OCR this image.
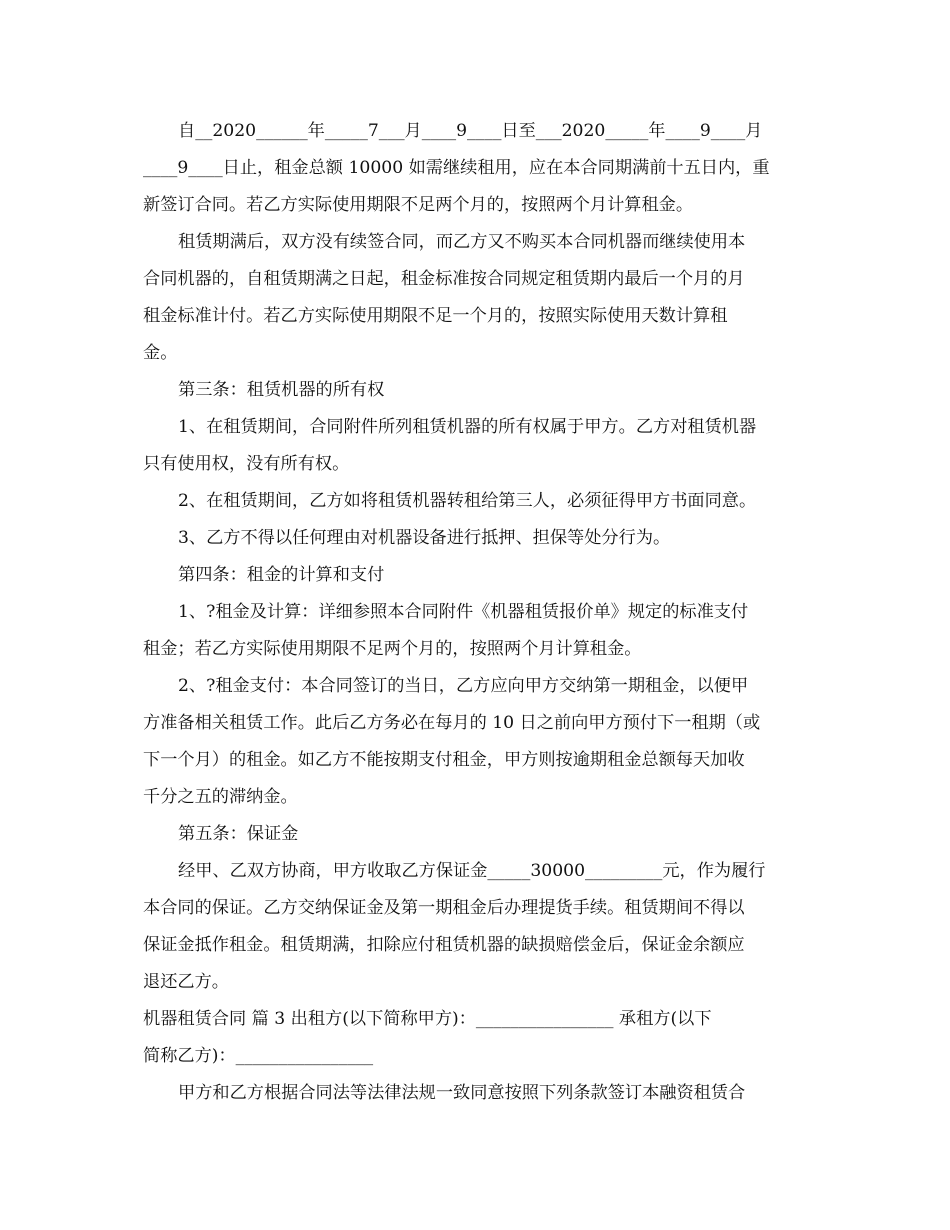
自__2020______年_____7___月____9____日至___2020_____年____9____月
____9____日止，租金总额 10000 如需继续租用，应在本合同期满前十五日内，重
新签订合同。若乙方实际使用期限不足两个月的，按照两个月计算租金。
租赁期满后，双方没有续签合同，而乙方又不购买本合同机器而继续使用本
合同机器的，自租赁期满之日起，租金标准按合同规定租赁期内最后一个月的月
租金标准计付。若乙方实际使用期限不足一个月的，按照实际使用天数计算租
金。
第三条：租赁机器的所有权
1、在租赁期间，合同附件所列租赁机器的所有权属于甲方。乙方对租赁机器
只有使用权，没有所有权。
2、在租赁期间，乙方如将租赁机器转租给第三人，必须征得甲方书面同意。
3、乙方不得以任何理由对机器设备进行抵押、担保等处分行为。
第四条：租金的计算和支付
1、?租金及计算：详细参照本合同附件《机器租赁报价单》规定的标准支付
租金；若乙方实际使用期限不足两个月的，按照两个月计算租金。
2、?租金支付：本合同签订的当日，乙方应向甲方交纳第一期租金，以便甲
方准备相关租赁工作。此后乙方务必在每月的 10 日之前向甲方预付下一租期（或
下一个月）的租金。如乙方不能按期支付租金，甲方则按逾期租金总额每天加收
千分之五的滞纳金。
第五条：保证金
经甲、乙双方协商，甲方收取乙方保证金_____30000_________元，作为履行
本合同的保证。乙方交纳保证金及第一期租金后办理提货手续。租赁期间不得以
保证金抵作租金。租赁期满，扣除应付租赁机器的缺损赔偿金后，保证金余额应
退还乙方。
机器租赁合同 篇 3 出租方(以下简称甲方)：________________ 承租方(以下
简称乙方)：________________
甲方和乙方根据合同法等法律法规一致同意按照下列条款签订本融资租赁合
